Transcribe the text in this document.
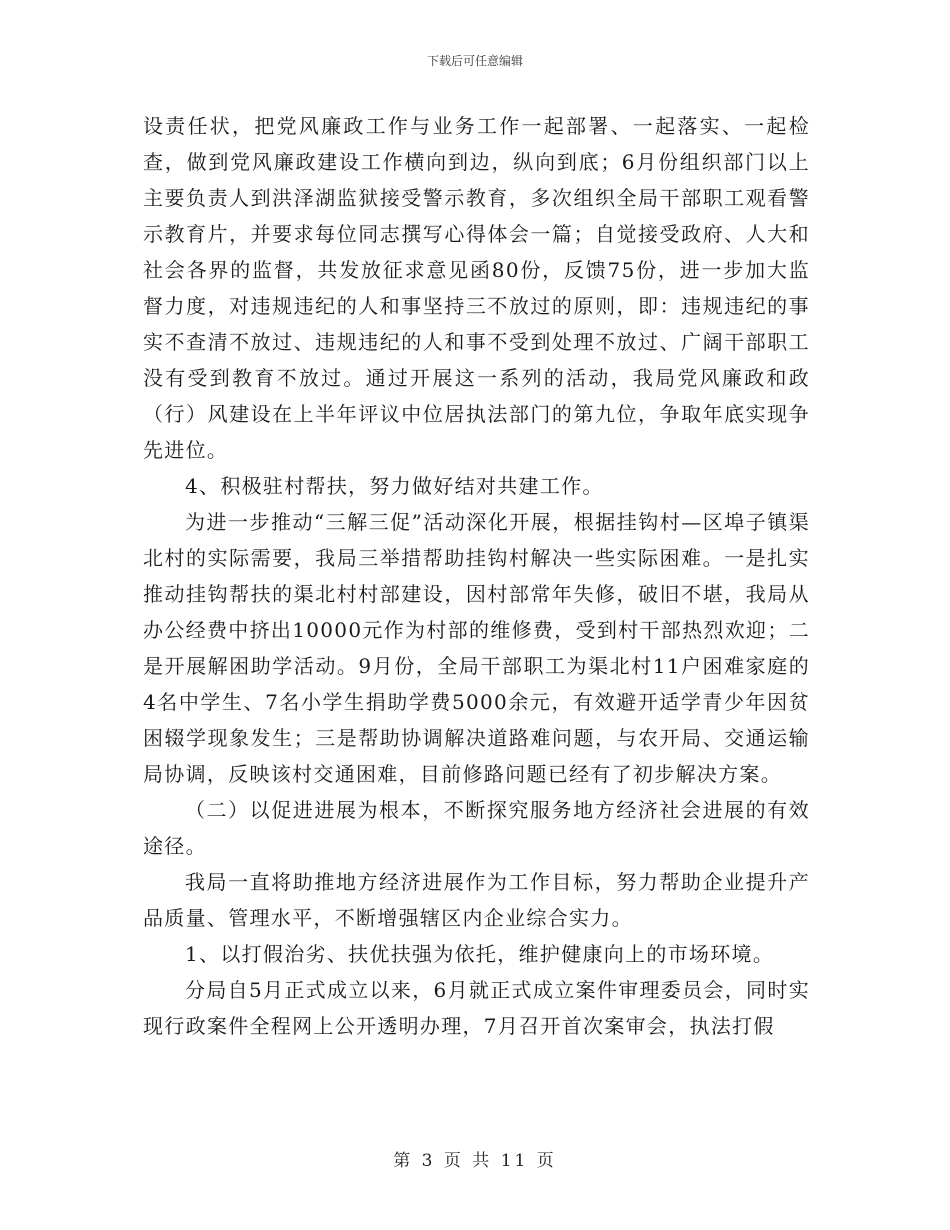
下载后可任意编辑

设责任状，把党风廉政工作与业务工作一起部署、一起落实、一起检查，做到党风廉政建设工作横向到边，纵向到底；6月份组织部门以上主要负责人到洪泽湖监狱接受警示教育，多次组织全局干部职工观看警示教育片，并要求每位同志撰写心得体会一篇；自觉接受政府、人大和社会各界的监督，共发放征求意见函80份，反馈75份，进一步加大监督力度，对违规违纪的人和事坚持三不放过的原则，即：违规违纪的事实不查清不放过、违规违纪的人和事不受到处理不放过、广阔干部职工没有受到教育不放过。通过开展这一系列的活动，我局党风廉政和政（行）风建设在上半年评议中位居执法部门的第九位，争取年底实现争先进位。

4、积极驻村帮扶，努力做好结对共建工作。

为进一步推动“三解三促”活动深化开展，根据挂钩村—区埠子镇渠北村的实际需要，我局三举措帮助挂钩村解决一些实际困难。一是扎实推动挂钩帮扶的渠北村村部建设，因村部常年失修，破旧不堪，我局从办公经费中挤出10000元作为村部的维修费，受到村干部热烈欢迎；二是开展解困助学活动。9月份，全局干部职工为渠北村11户困难家庭的4名中学生、7名小学生捐助学费5000余元，有效避开适学青少年因贫困辍学现象发生；三是帮助协调解决道路难问题，与农开局、交通运输局协调，反映该村交通困难，目前修路问题已经有了初步解决方案。

（二）以促进进展为根本，不断探究服务地方经济社会进展的有效途径。

我局一直将助推地方经济进展作为工作目标，努力帮助企业提升产品质量、管理水平，不断增强辖区内企业综合实力。

1、以打假治劣、扶优扶强为依托，维护健康向上的市场环境。

分局自5月正式成立以来，6月就正式成立案件审理委员会，同时实现行政案件全程网上公开透明办理，7月召开首次案审会，执法打假

第 3 页 共 11 页
